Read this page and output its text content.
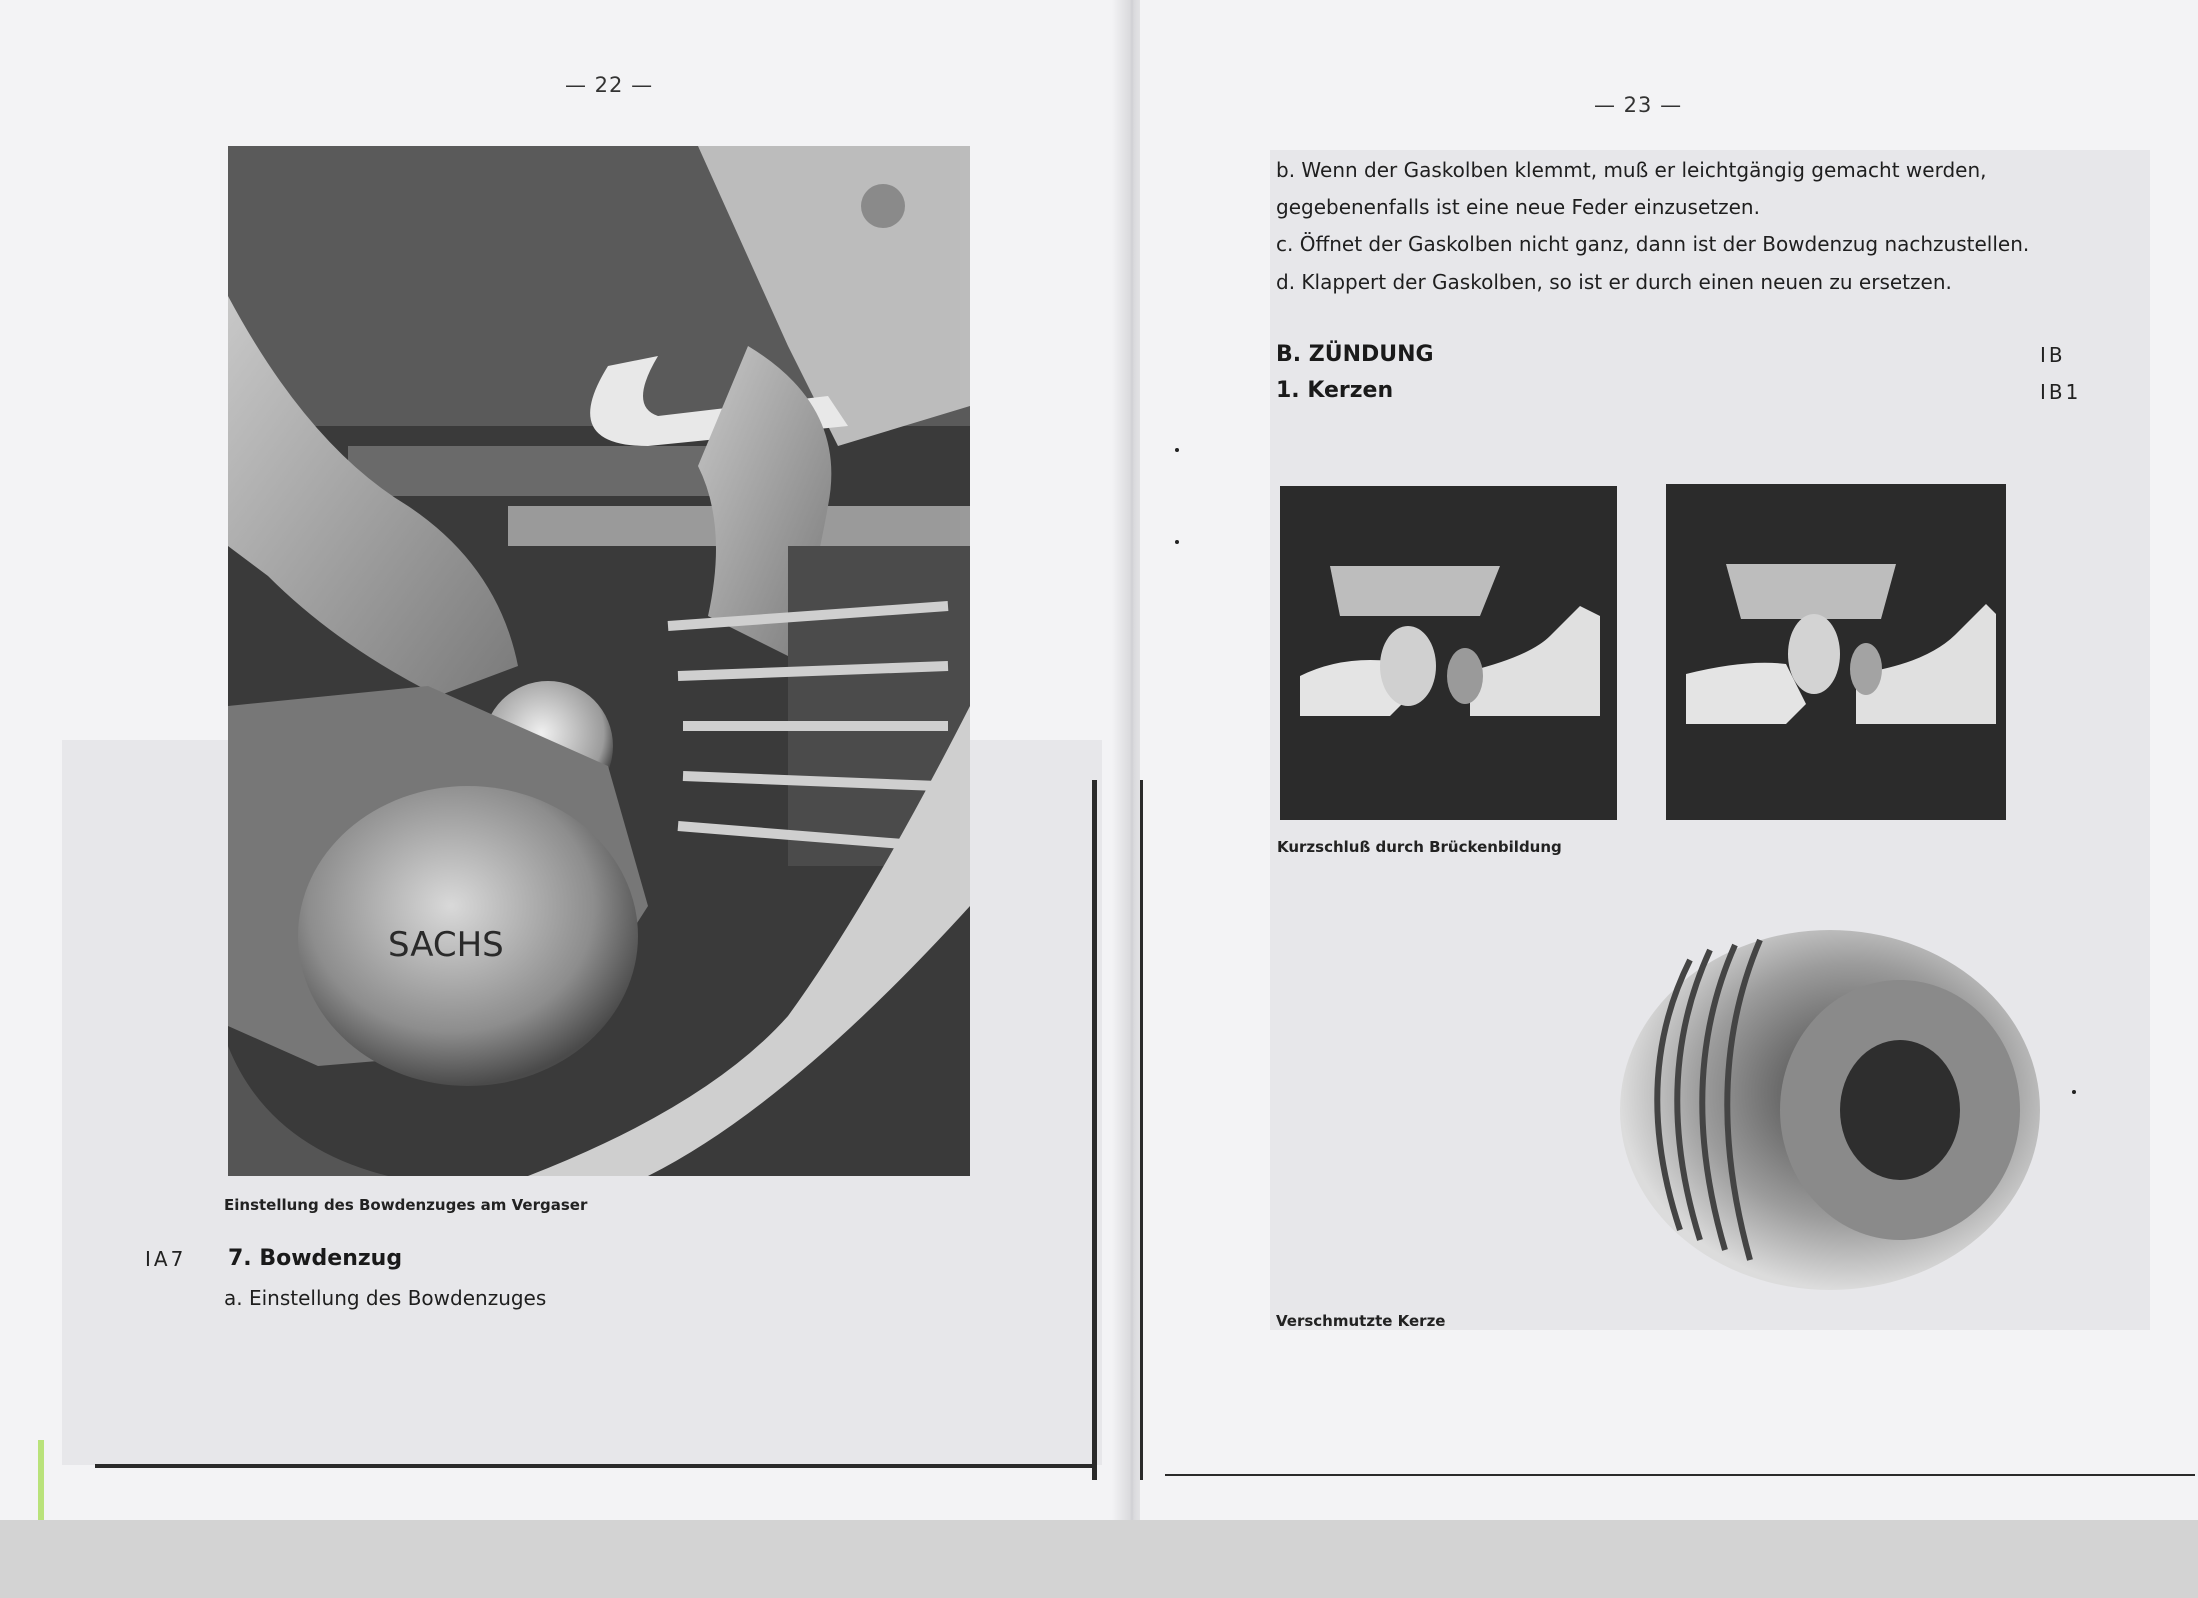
— 22 —
SACHS
Einstellung des Bowdenzuges am Vergaser
IA7 7. Bowdenzug
a. Einstellung des Bowdenzuges
— 23 —
b. Wenn der Gaskolben klemmt, muß er leichtgängig gemacht werden,
gegebenenfalls ist eine neue Feder einzusetzen.
c. Öffnet der Gaskolben nicht ganz, dann ist der Bowdenzug nachzustellen.
d. Klappert der Gaskolben, so ist er durch einen neuen zu ersetzen.
B. ZÜNDUNG	IB
1. Kerzen	IB1
Kurzschluß durch Brückenbildung
Verschmutzte Kerze
